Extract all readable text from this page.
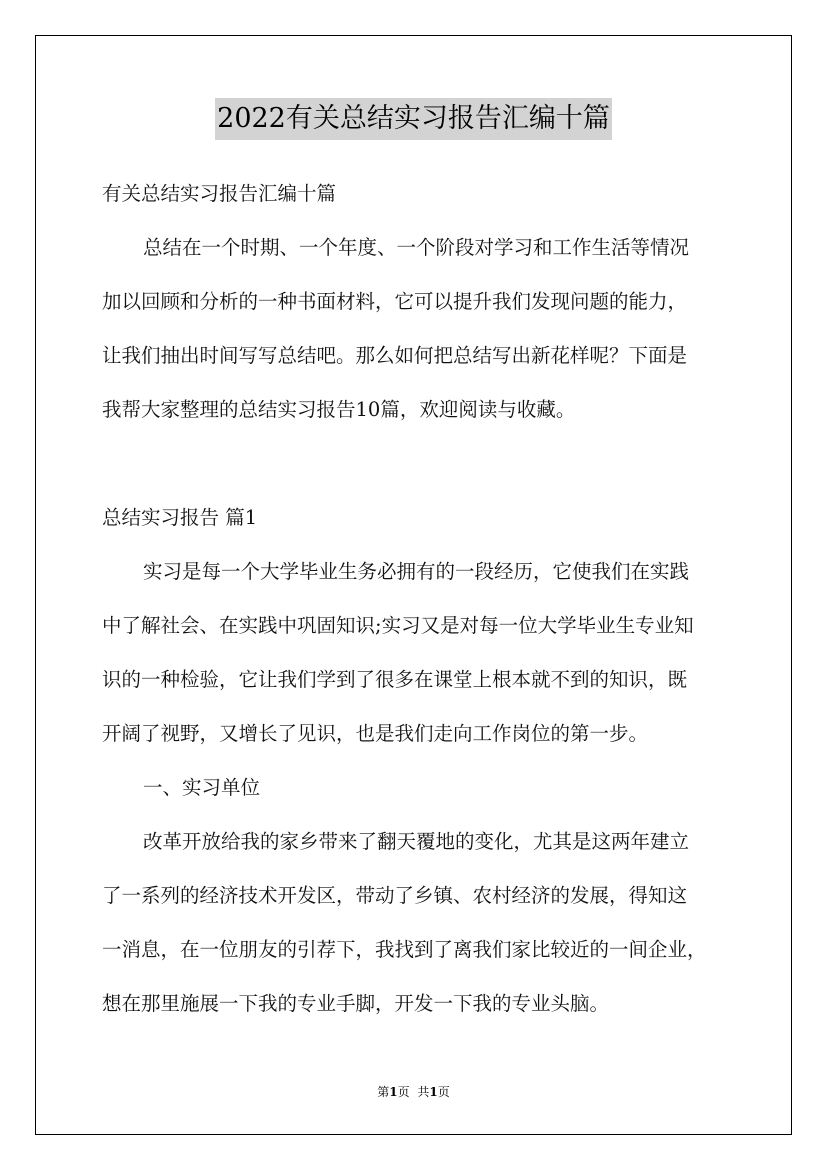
2022有关总结实习报告汇编十篇

有关总结实习报告汇编十篇

总结在一个时期、一个年度、一个阶段对学习和工作生活等情况

加以回顾和分析的一种书面材料，它可以提升我们发现问题的能力，

让我们抽出时间写写总结吧。那么如何把总结写出新花样呢？下面是

我帮大家整理的总结实习报告10篇，欢迎阅读与收藏。

总结实习报告 篇1

实习是每一个大学毕业生务必拥有的一段经历，它使我们在实践

中了解社会、在实践中巩固知识;实习又是对每一位大学毕业生专业知

识的一种检验，它让我们学到了很多在课堂上根本就不到的知识，既

开阔了视野，又增长了见识，也是我们走向工作岗位的第一步。

一、实习单位

改革开放给我的家乡带来了翻天覆地的变化，尤其是这两年建立

了一系列的经济技术开发区，带动了乡镇、农村经济的发展，得知这

一消息，在一位朋友的引荐下，我找到了离我们家比较近的一间企业，

想在那里施展一下我的专业手脚，开发一下我的专业头脑。

第1页 共1页
